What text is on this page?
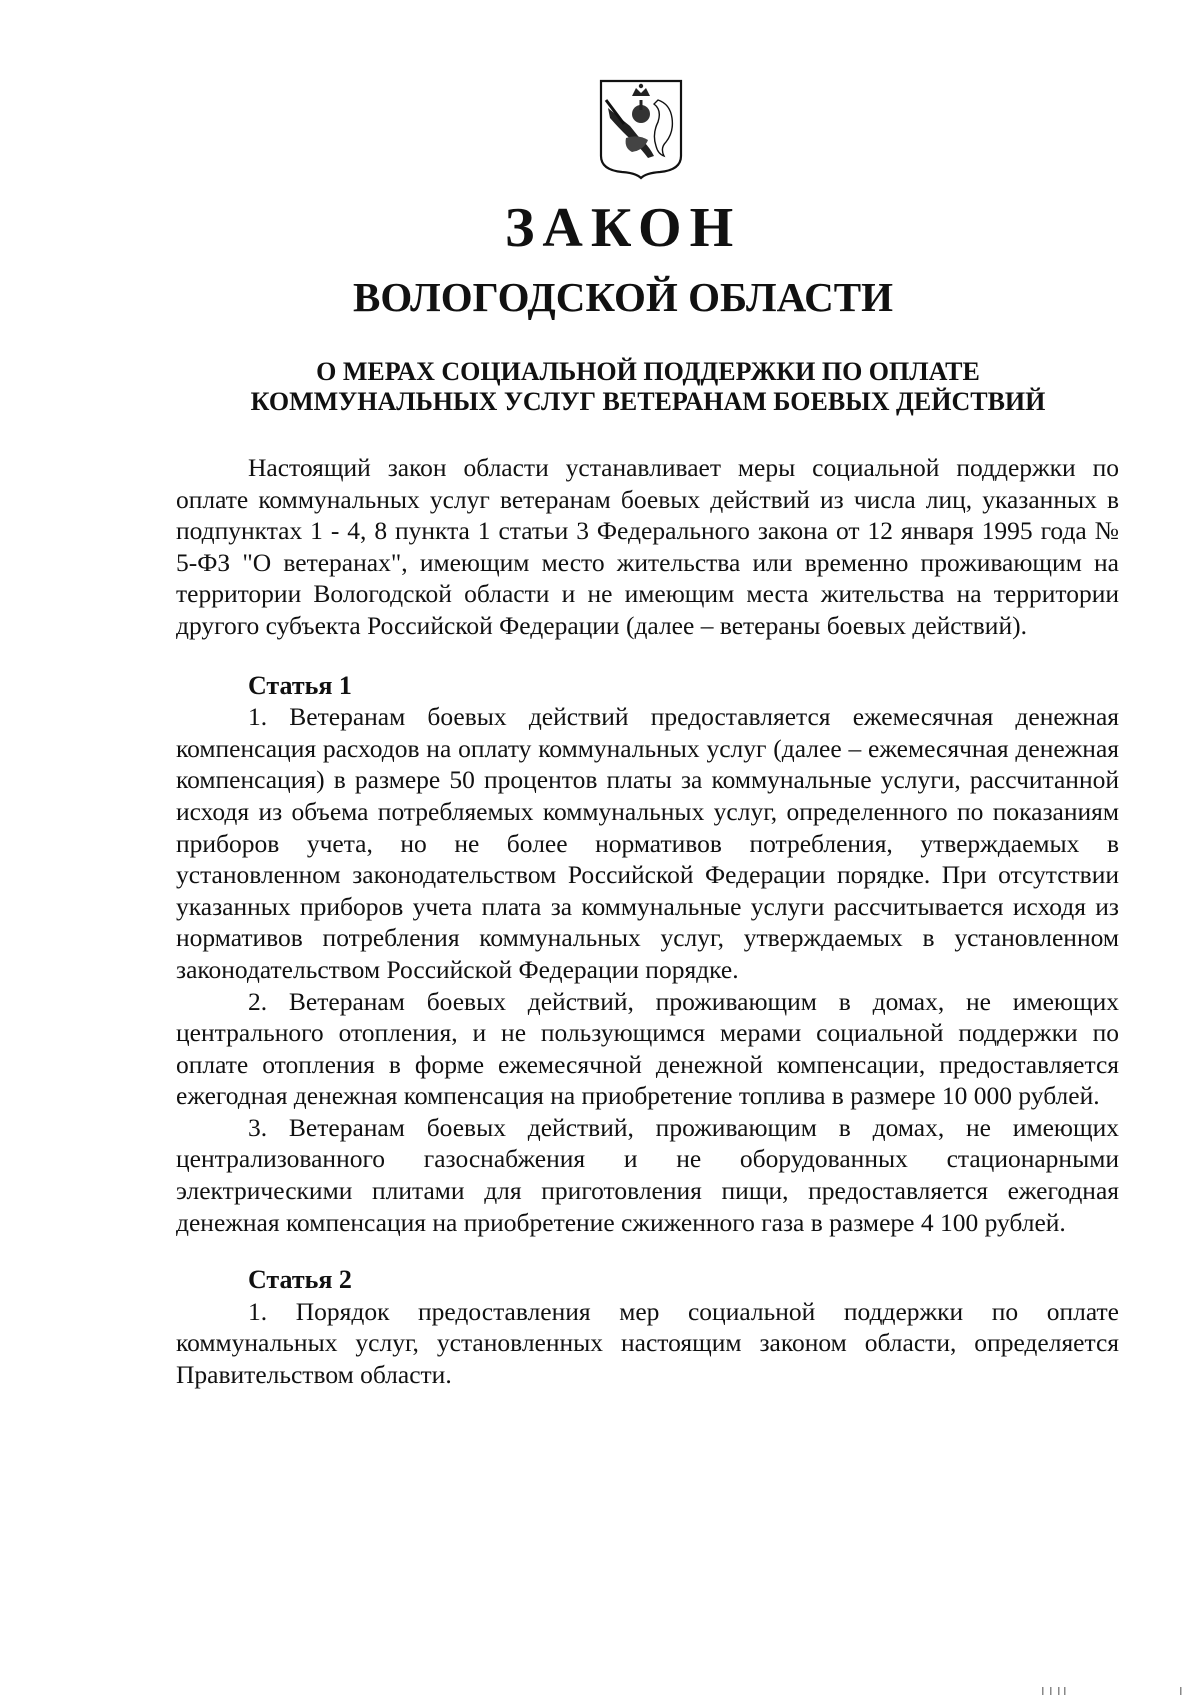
ЗАКОН
ВОЛОГОДСКОЙ ОБЛАСТИ
О МЕРАХ СОЦИАЛЬНОЙ ПОДДЕРЖКИ ПО ОПЛАТЕ
КОММУНАЛЬНЫХ УСЛУГ ВЕТЕРАНАМ БОЕВЫХ ДЕЙСТВИЙ

Настоящий закон области устанавливает меры социальной поддержки по оплате коммунальных услуг ветеранам боевых действий из числа лиц, указанных в подпунктах 1 - 4, 8 пункта 1 статьи 3 Федерального закона от 12 января 1995 года № 5-ФЗ "О ветеранах", имеющим место жительства или временно проживающим на территории Вологодской области и не имеющим места жительства на территории другого субъекта Российской Федерации (далее – ветераны боевых действий).

Статья 1

1. Ветеранам боевых действий предоставляется ежемесячная денежная компенсация расходов на оплату коммунальных услуг (далее – ежемесячная денежная компенсация) в размере 50 процентов платы за коммунальные услуги, рассчитанной исходя из объема потребляемых коммунальных услуг, определенного по показаниям приборов учета, но не более нормативов потребления, утверждаемых в установленном законодательством Российской Федерации порядке. При отсутствии указанных приборов учета плата за коммунальные услуги рассчитывается исходя из нормативов потребления коммунальных услуг, утверждаемых в установленном законодательством Российской Федерации порядке.

2. Ветеранам боевых действий, проживающим в домах, не имеющих центрального отопления, и не пользующимся мерами социальной поддержки по оплате отопления в форме ежемесячной денежной компенсации, предоставляется ежегодная денежная компенсация на приобретение топлива в размере 10 000 рублей.

3. Ветеранам боевых действий, проживающим в домах, не имеющих централизованного газоснабжения и не оборудованных стационарными электрическими плитами для приготовления пищи, предоставляется ежегодная денежная компенсация на приобретение сжиженного газа в размере 4 100 рублей.

Статья 2

1. Порядок предоставления мер социальной поддержки по оплате коммунальных услуг, установленных настоящим законом области, определяется Правительством области.
